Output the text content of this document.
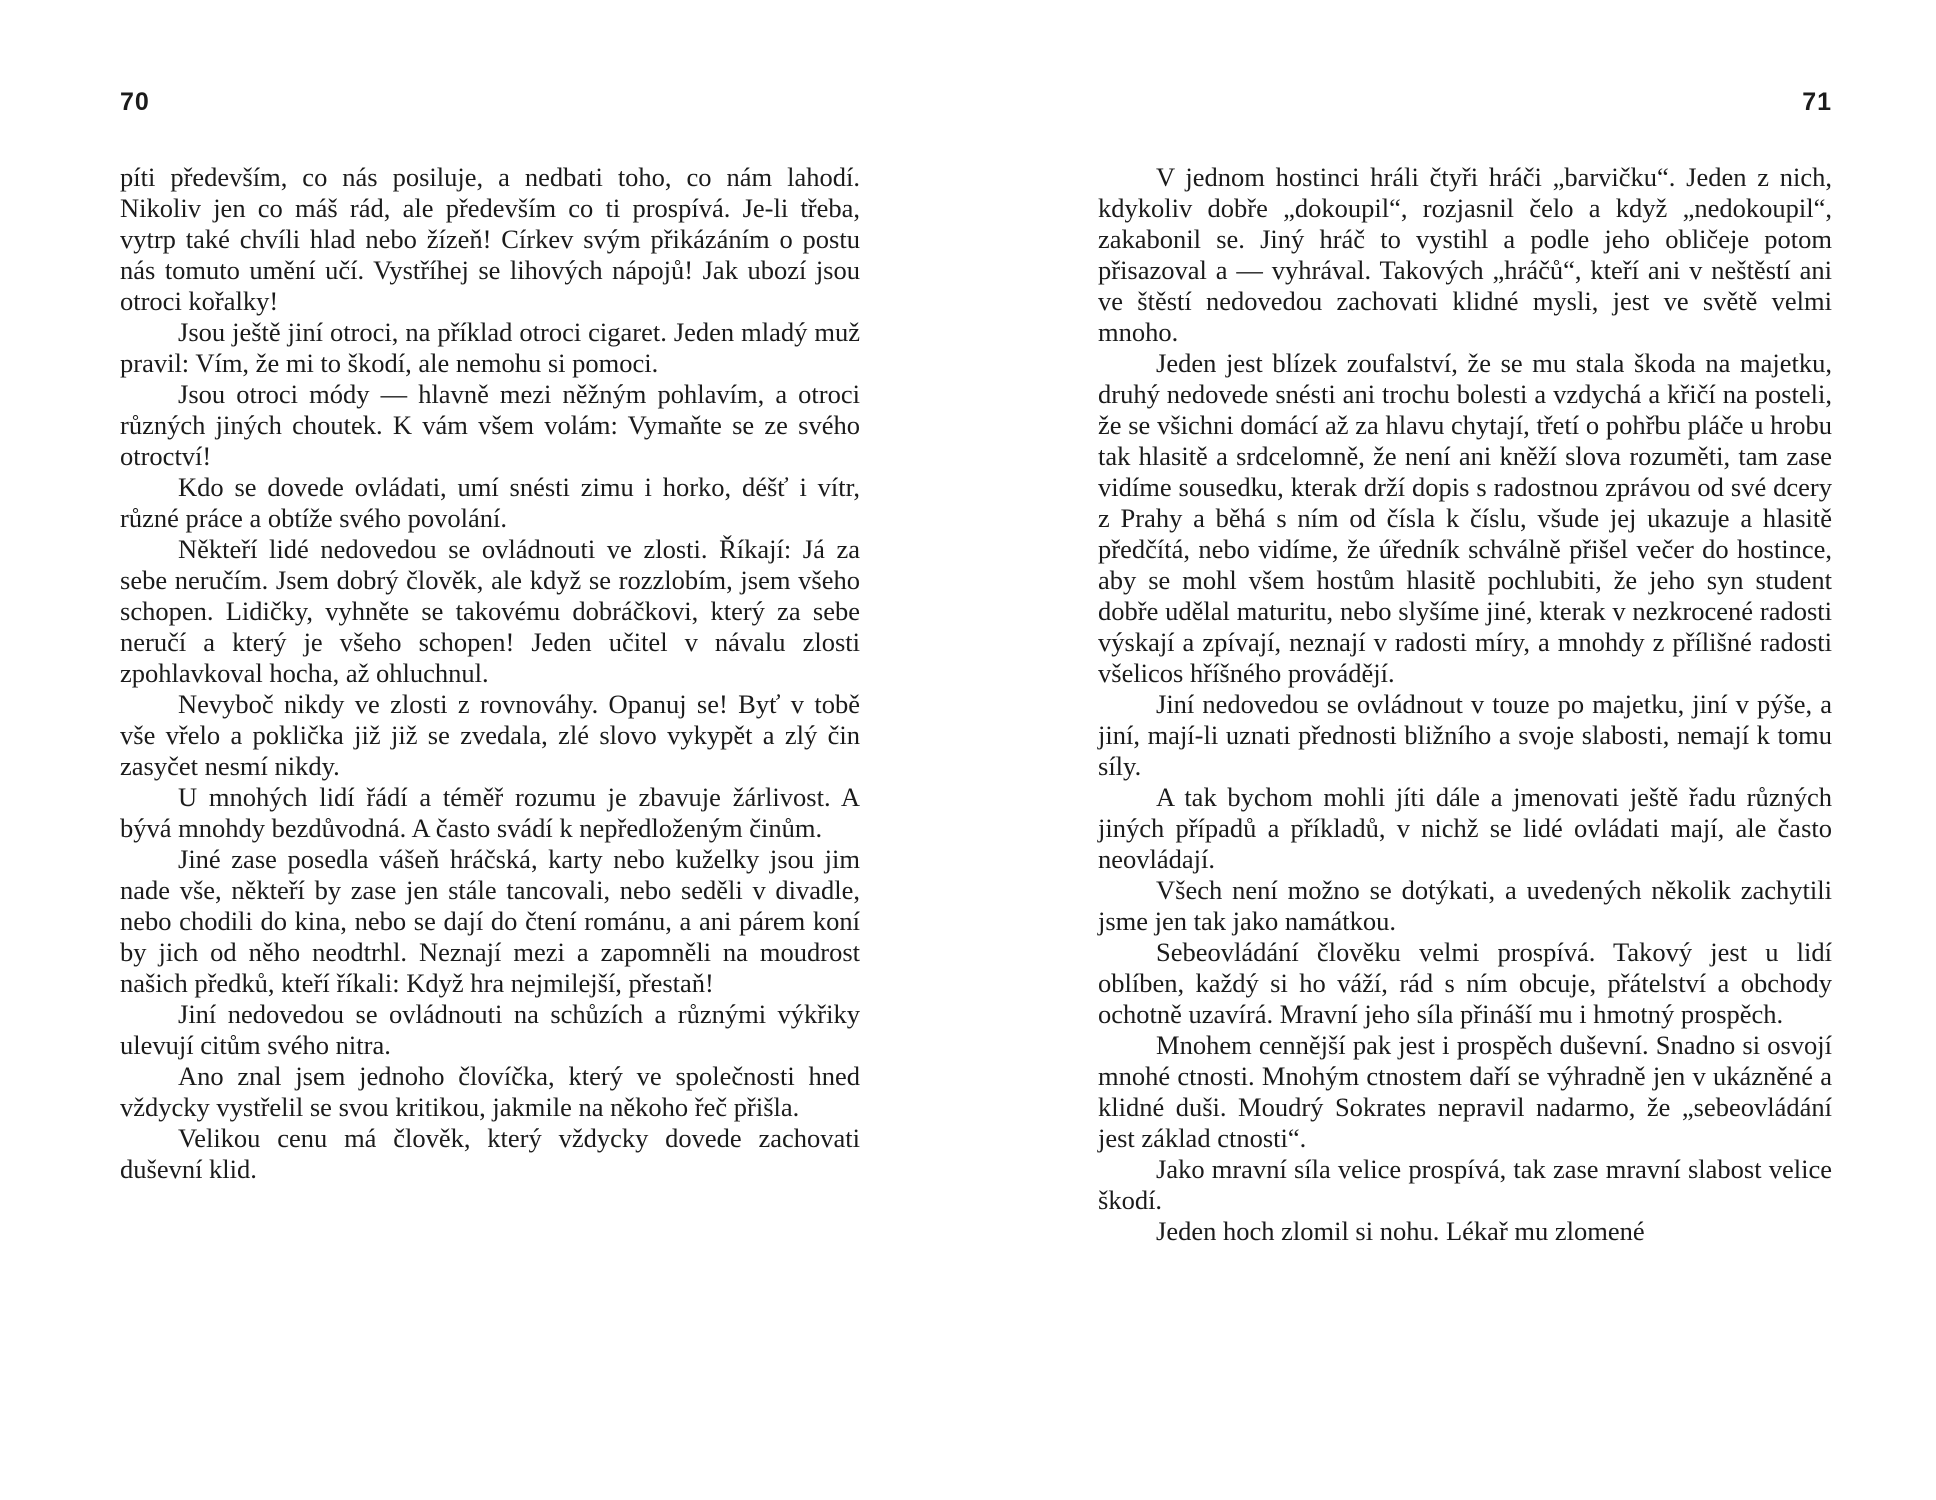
70

píti především, co nás posiluje, a nedbati toho, co nám lahodí. Nikoliv jen co máš rád, ale především co ti prospívá. Je-li třeba, vytrp také chvíli hlad nebo žízeň! Církev svým přikázáním o postu nás tomuto umění učí. Vystříhej se lihových nápojů! Jak ubozí jsou otroci kořalky!

Jsou ještě jiní otroci, na příklad otroci cigaret. Jeden mladý muž pravil: Vím, že mi to škodí, ale nemohu si pomoci.

Jsou otroci módy — hlavně mezi něžným pohlavím, a otroci různých jiných choutek. K vám všem volám: Vymaňte se ze svého otroctví!

Kdo se dovede ovládati, umí snésti zimu i horko, déšť i vítr, různé práce a obtíže svého povolání.

Někteří lidé nedovedou se ovládnouti ve zlosti. Říkají: Já za sebe neručím. Jsem dobrý člověk, ale když se rozzlobím, jsem všeho schopen. Lidičky, vyhněte se takovému dobráčkovi, který za sebe neručí a který je všeho schopen! Jeden učitel v návalu zlosti zpohlavkoval hocha, až ohluchnul.

Nevyboč nikdy ve zlosti z rovnováhy. Opanuj se! Byť v tobě vše vřelo a poklička již již se zvedala, zlé slovo vykypět a zlý čin zasyčet nesmí nikdy.

U mnohých lidí řádí a téměř rozumu je zbavuje žárlivost. A bývá mnohdy bezdůvodná. A často svádí k nepředloženým činům.

Jiné zase posedla vášeň hráčská, karty nebo kuželky jsou jim nade vše, někteří by zase jen stále tancovali, nebo seděli v divadle, nebo chodili do kina, nebo se dají do čtení románu, a ani párem koní by jich od něho neodtrhl. Neznají mezi a zapomněli na moudrost našich předků, kteří říkali: Když hra nejmilejší, přestaň!

Jiní nedovedou se ovládnouti na schůzích a různými výkřiky ulevují citům svého nitra.

Ano znal jsem jednoho človíčka, který ve společnosti hned vždycky vystřelil se svou kritikou, jakmile na někoho řeč přišla.

Velikou cenu má člověk, který vždycky dovede zachovati duševní klid.

71

V jednom hostinci hráli čtyři hráči „barvičku“. Jeden z nich, kdykoliv dobře „dokoupil“, rozjasnil čelo a když „nedokoupil“, zakabonil se. Jiný hráč to vystihl a podle jeho obličeje potom přisazoval a — vyhrával. Takových „hráčů“, kteří ani v neštěstí ani ve štěstí nedovedou zachovati klidné mysli, jest ve světě velmi mnoho.

Jeden jest blízek zoufalství, že se mu stala škoda na majetku, druhý nedovede snésti ani trochu bolesti a vzdychá a křičí na posteli, že se všichni domácí až za hlavu chytají, třetí o pohřbu pláče u hrobu tak hlasitě a srdcelomně, že není ani kněží slova rozuměti, tam zase vidíme sousedku, kterak drží dopis s radostnou zprávou od své dcery z Prahy a běhá s ním od čísla k číslu, všude jej ukazuje a hlasitě předčítá, nebo vidíme, že úředník schválně přišel večer do hostince, aby se mohl všem hostům hlasitě pochlubiti, že jeho syn student dobře udělal maturitu, nebo slyšíme jiné, kterak v nezkrocené radosti výskají a zpívají, neznají v radosti míry, a mnohdy z přílišné radosti všelicos hříšného provádějí.

Jiní nedovedou se ovládnout v touze po majetku, jiní v pýše, a jiní, mají-li uznati přednosti bližního a svoje slabosti, nemají k tomu síly.

A tak bychom mohli jíti dále a jmenovati ještě řadu různých jiných případů a příkladů, v nichž se lidé ovládati mají, ale často neovládají.

Všech není možno se dotýkati, a uvedených několik zachytili jsme jen tak jako namátkou.

Sebeovládání člověku velmi prospívá. Takový jest u lidí oblíben, každý si ho váží, rád s ním obcuje, přátelství a obchody ochotně uzavírá. Mravní jeho síla přináší mu i hmotný prospěch.

Mnohem cennější pak jest i prospěch duševní. Snadno si osvojí mnohé ctnosti. Mnohým ctnostem daří se výhradně jen v ukázněné a klidné duši. Moudrý Sokrates nepravil nadarmo, že „sebeovládání jest základ ctnosti“.

Jako mravní síla velice prospívá, tak zase mravní slabost velice škodí.

Jeden hoch zlomil si nohu. Lékař mu zlomené
